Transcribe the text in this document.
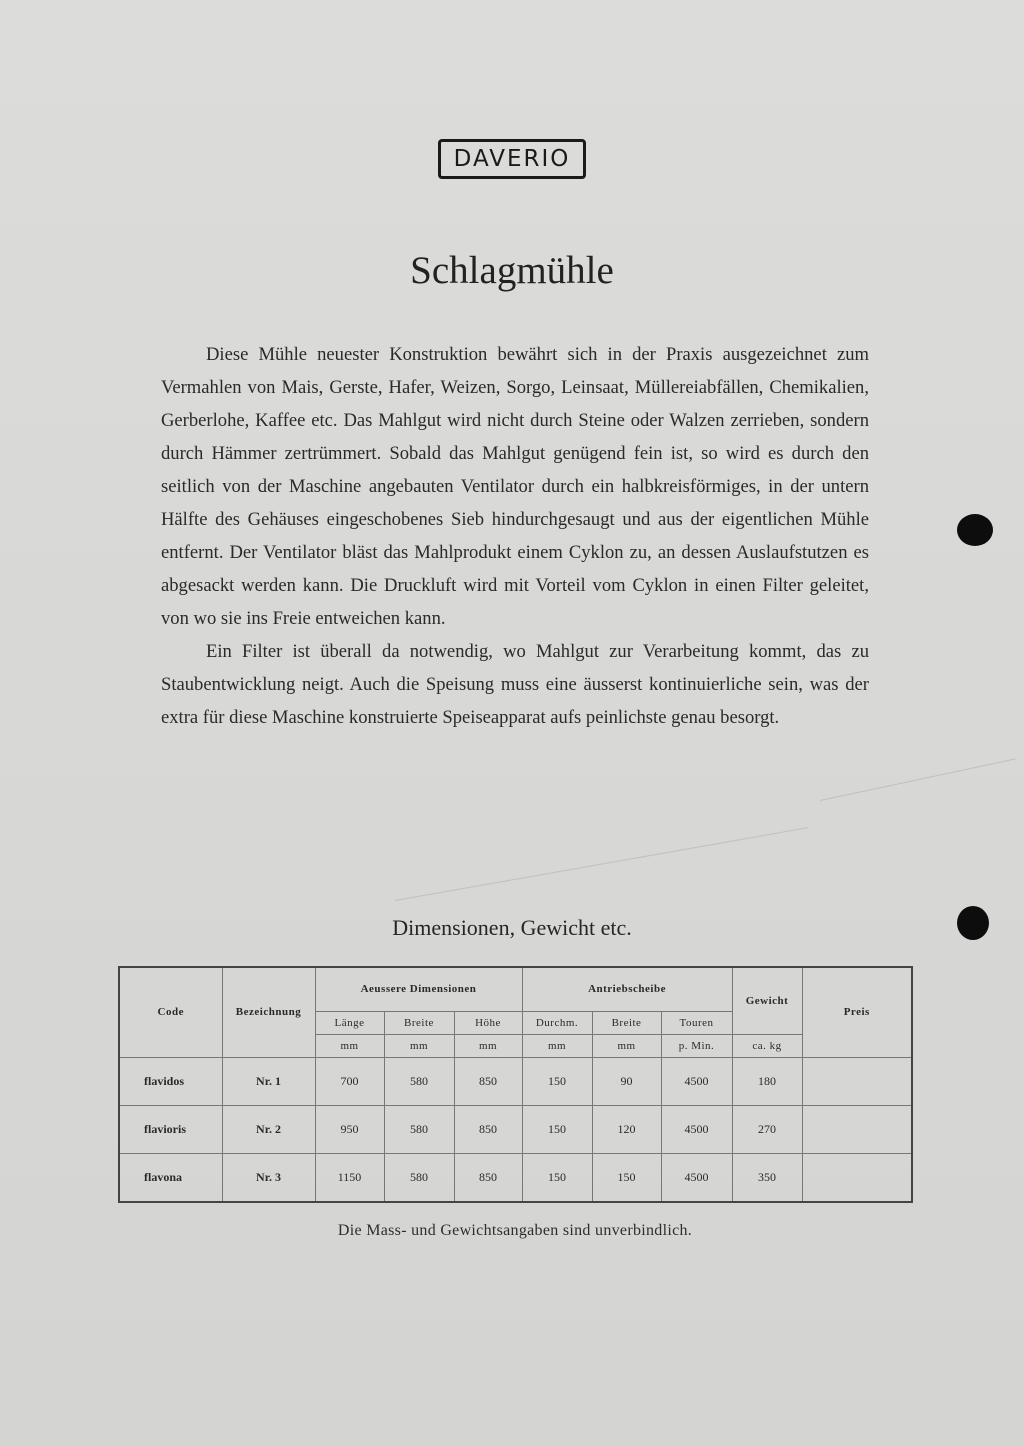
DAVERIO
Schlagmühle

Diese Mühle neuester Konstruktion bewährt sich in der Praxis ausgezeichnet zum Vermahlen von Mais, Gerste, Hafer, Weizen, Sorgo, Leinsaat, Müllereiabfällen, Chemikalien, Gerberlohe, Kaffee etc. Das Mahlgut wird nicht durch Steine oder Walzen zerrieben, sondern durch Hämmer zertrümmert. Sobald das Mahlgut genügend fein ist, so wird es durch den seitlich von der Maschine angebauten Ventilator durch ein halbkreisförmiges, in der untern Hälfte des Gehäuses eingeschobenes Sieb hindurchgesaugt und aus der eigentlichen Mühle entfernt. Der Ventilator bläst das Mahlprodukt einem Cyklon zu, an dessen Auslaufstutzen es abgesackt werden kann. Die Druckluft wird mit Vorteil vom Cyklon in einen Filter geleitet, von wo sie ins Freie entweichen kann.

Ein Filter ist überall da notwendig, wo Mahlgut zur Verarbeitung kommt, das zu Staubentwicklung neigt. Auch die Speisung muss eine äusserst kontinuierliche sein, was der extra für diese Maschine konstruierte Speiseapparat aufs peinlichste genau besorgt.

Dimensionen, Gewicht etc.
Code	Bezeichnung	Aeussere Dimensionen			Antriebscheibe			Gewicht	Preis
		Länge	Breite	Höhe	Durchm.	Breite	Touren		
		mm	mm	mm	mm	mm	p. Min.	ca. kg	
flavidos	Nr. 1	700	580	850	150	90	4500	180	
flavioris	Nr. 2	950	580	850	150	120	4500	270	
flavona	Nr. 3	1150	580	850	150	150	4500	350	
Die Mass- und Gewichtsangaben sind unverbindlich.
